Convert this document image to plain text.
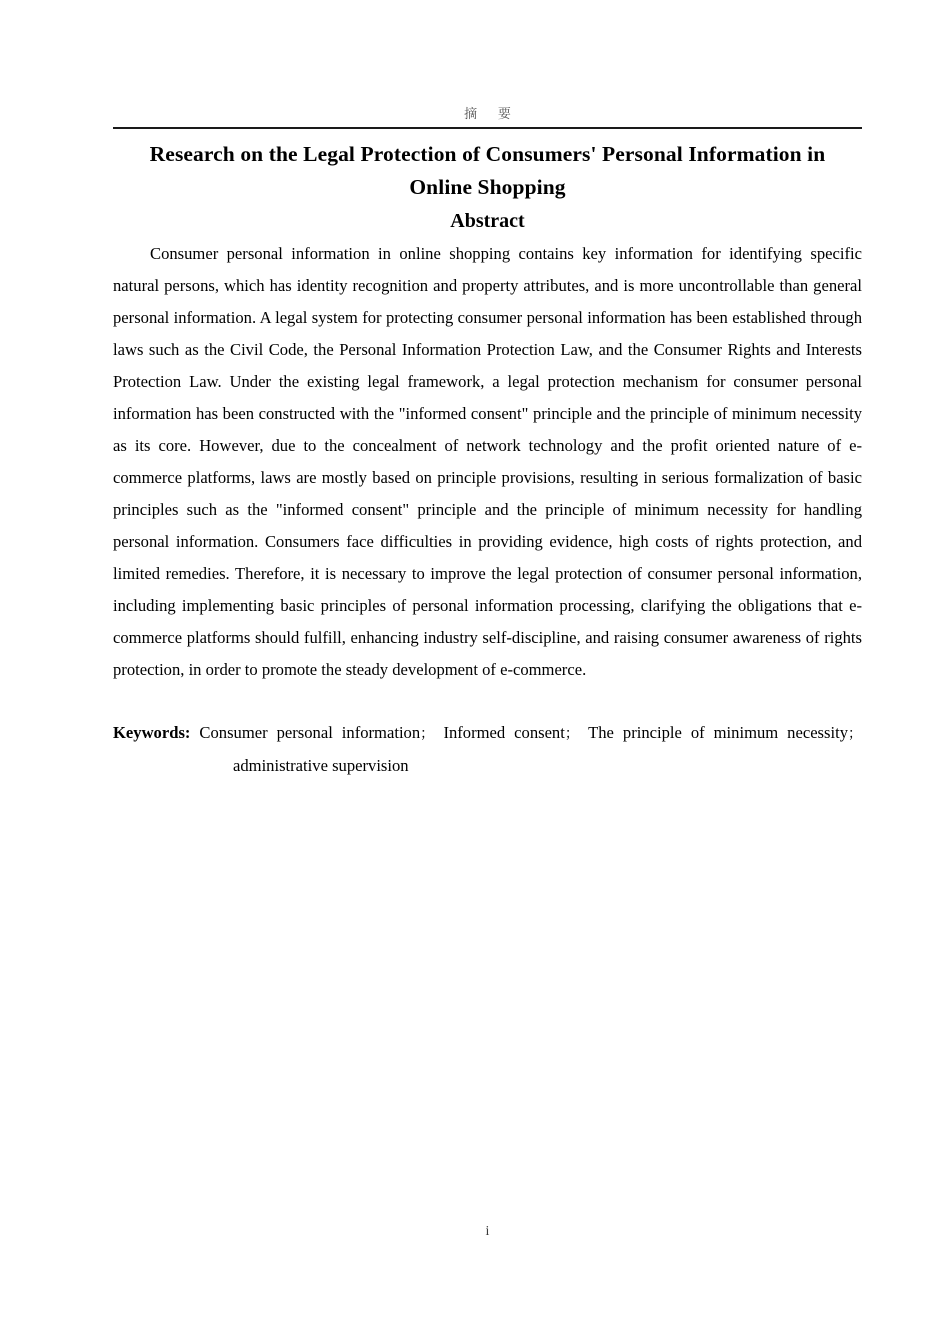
摘  要
Research on the Legal Protection of Consumers' Personal Information in Online Shopping
Abstract

Consumer personal information in online shopping contains key information for identifying specific natural persons, which has identity recognition and property attributes, and is more uncontrollable than general personal information. A legal system for protecting consumer personal information has been established through laws such as the Civil Code, the Personal Information Protection Law, and the Consumer Rights and Interests Protection Law. Under the existing legal framework, a legal protection mechanism for consumer personal information has been constructed with the "informed consent" principle and the principle of minimum necessity as its core. However, due to the concealment of network technology and the profit oriented nature of e-commerce platforms, laws are mostly based on principle provisions, resulting in serious formalization of basic principles such as the "informed consent" principle and the principle of minimum necessity for handling personal information. Consumers face difficulties in providing evidence, high costs of rights protection, and limited remedies. Therefore, it is necessary to improve the legal protection of consumer personal information, including implementing basic principles of personal information processing, clarifying the obligations that e-commerce platforms should fulfill, enhancing industry self-discipline, and raising consumer awareness of rights protection, in order to promote the steady development of e-commerce.

Keywords: Consumer personal information； Informed consent； The principle of minimum necessity； administrative supervision

i
